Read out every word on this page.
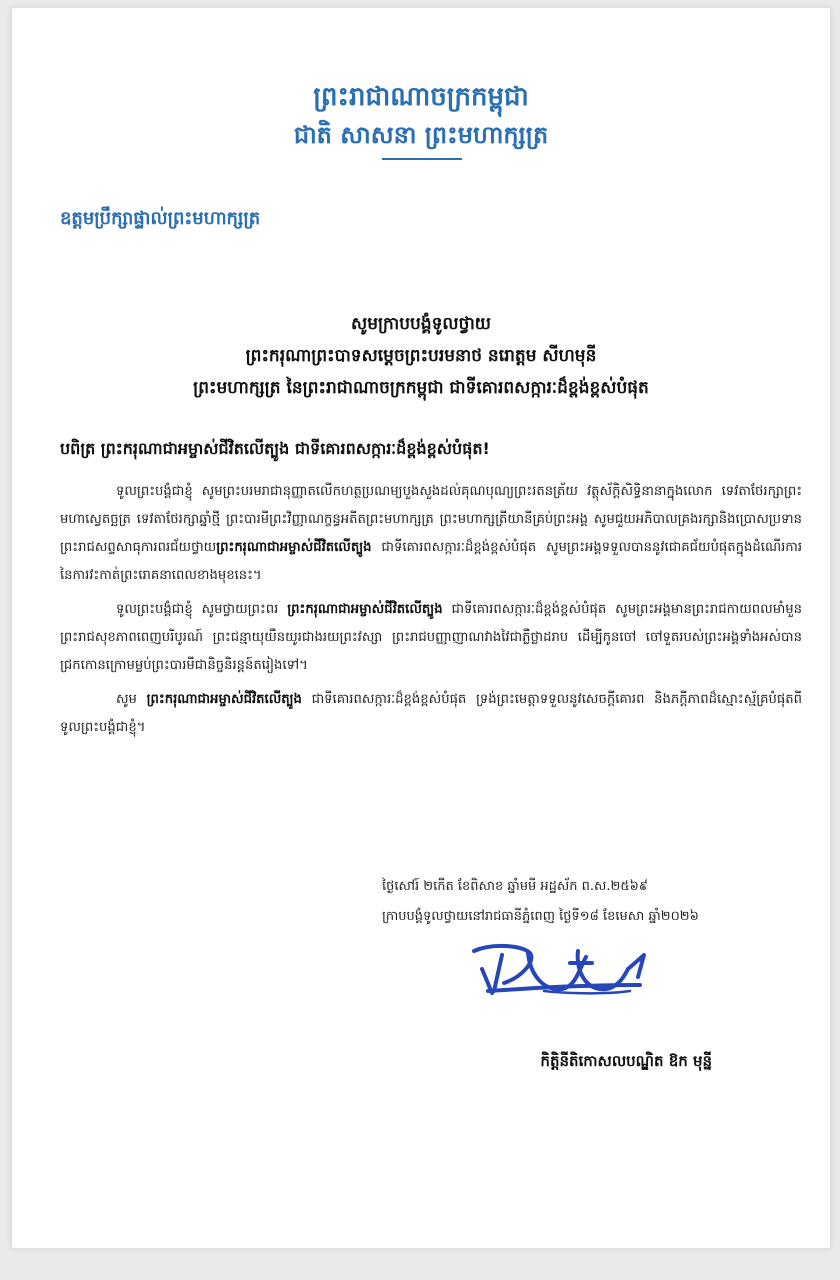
ព្រះរាជាណាចក្រកម្ពុជា
ជាតិ សាសនា ព្រះមហាក្សត្រ
ឧត្តមប្រឹក្សាផ្ទាល់ព្រះមហាក្សត្រ
សូមក្រាបបង្គំទូលថ្វាយ
ព្រះករុណាព្រះបាទសម្តេចព្រះបរមនាថ នរោត្តម សីហមុនី
ព្រះមហាក្សត្រ នៃព្រះរាជាណាចក្រកម្ពុជា ជាទីគោរពសក្ការៈដ៏ខ្ពង់ខ្ពស់បំផុត
បពិត្រ ព្រះករុណាជាអម្ចាស់ជីវិតលើត្បូង ជាទីគោរពសក្ការៈដ៏ខ្ពង់ខ្ពស់បំផុត!

ទូលព្រះបង្គំជាខ្ញុំ សូមព្រះបរមរាជានុញ្ញាតលើកហត្ថប្រណម្យបួងសួងដល់គុណបុណ្យព្រះរតនត្រ័យ វត្ថុស័ក្តិសិទ្ធិនានាក្នុងលោក ទេវតាថែរក្សាព្រះមហាស្វេតច្ឆត្រ ទេវតាថែរក្សាឆ្នាំថ្មី ព្រះបារមីព្រះវិញ្ញាណក្ខន្ធអតីតព្រះមហាក្សត្រ ព្រះមហាក្សត្រីយានីគ្រប់ព្រះអង្គ សូមជួយអភិបាលគ្រងរក្សានិងប្រោសប្រទានព្រះរាជសព្ទសាធុការពរជ័យថ្វាយព្រះករុណាជាអម្ចាស់ជីវិតលើត្បូង ជាទីគោរពសក្ការៈដ៏ខ្ពង់ខ្ពស់បំផុត សូមព្រះអង្គទទួលបាននូវជោគជ័យបំផុតក្នុងដំណើរការនៃការវះកាត់ព្រះរោគនាពេលខាងមុខនេះ។

ទូលព្រះបង្គំជាខ្ញុំ សូមថ្វាយព្រះពរ ព្រះករុណាជាអម្ចាស់ជីវិតលើត្បូង ជាទីគោរពសក្ការៈដ៏ខ្ពង់ខ្ពស់បំផុត សូមព្រះអង្គមានព្រះរាជកាយពលមាំមួន ព្រះរាជសុខភាពពេញបរិបូរណ៍ ព្រះជន្មាយុយឺនយូរជាងរយព្រះវស្សា ព្រះរាជបញ្ញាញាណវាងវៃជាភ្លឺថ្លាដរាប ដើម្បីកូនចៅ ចៅទួតរបស់ព្រះអង្គទាំងអស់បានជ្រកកោនក្រោមម្លប់ព្រះបារមីជានិច្ចនិរន្តន៍តរៀងទៅ។

សូម ព្រះករុណាជាអម្ចាស់ជីវិតលើត្បូង ជាទីគោរពសក្ការៈដ៏ខ្ពង់ខ្ពស់បំផុត ទ្រង់ព្រះមេត្តាទទួលនូវសេចក្តីគោរព និងភក្តីភាពដ៏ស្មោះស្ម័គ្របំផុតពីទូលព្រះបង្គំជាខ្ញុំ។

ថ្ងៃសៅរ៍ ២កើត ខែពិសាខ ឆ្នាំមមី អដ្ឋស័ក ព.ស.២៥៦៩
ក្រាបបង្គំទូលថ្វាយនៅរាជធានីភ្នំពេញ ថ្ងៃទី១៨ ខែមេសា ឆ្នាំ២០២៦
កិត្តិនីតិកោសលបណ្ឌិត ឱក មុន្នី
